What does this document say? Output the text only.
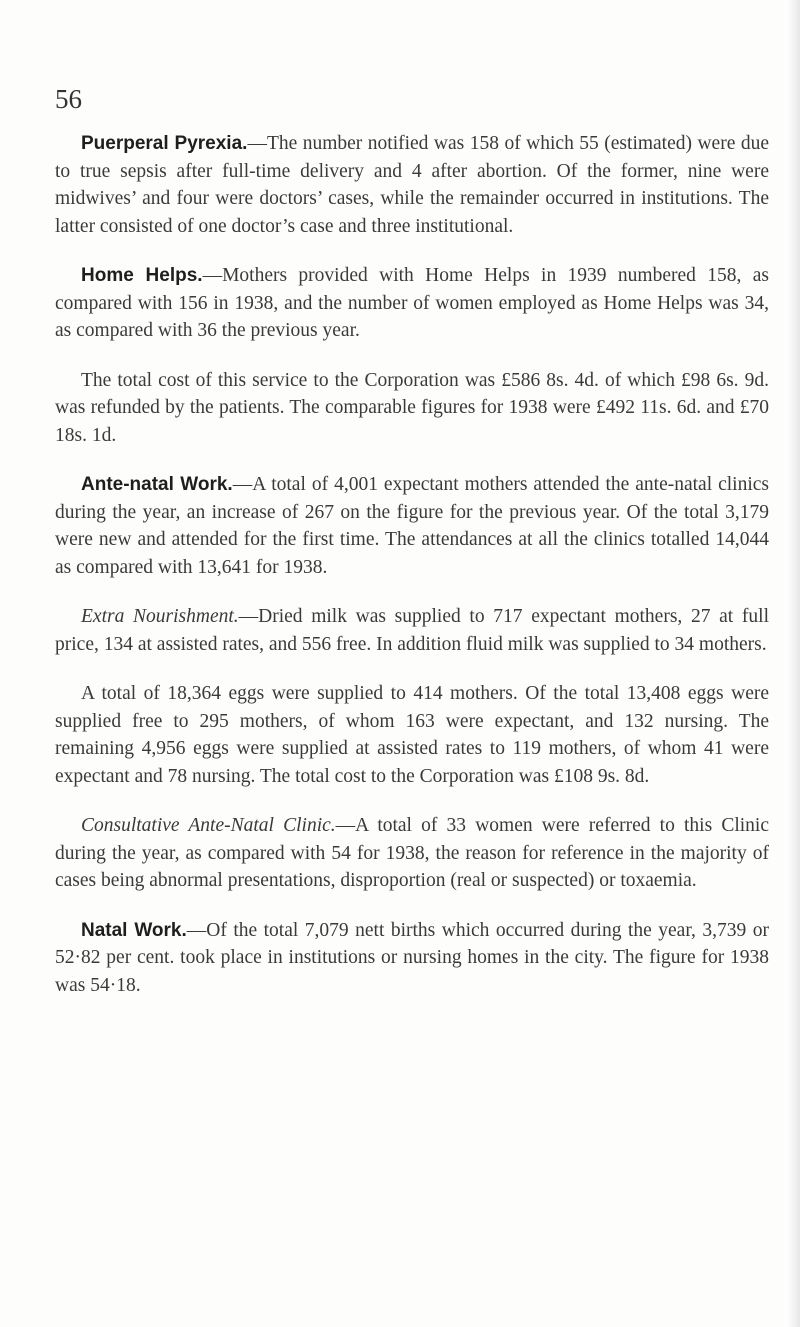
56

Puerperal Pyrexia.—The number notified was 158 of which 55 (estimated) were due to true sepsis after full-time delivery and 4 after abortion. Of the former, nine were midwives’ and four were doctors’ cases, while the remainder occurred in institutions. The latter consisted of one doctor’s case and three institutional.

Home Helps.—Mothers provided with Home Helps in 1939 numbered 158, as compared with 156 in 1938, and the number of women employed as Home Helps was 34, as compared with 36 the previous year.

The total cost of this service to the Corporation was £586 8s. 4d. of which £98 6s. 9d. was refunded by the patients. The comparable figures for 1938 were £492 11s. 6d. and £70 18s. 1d.

Ante-natal Work.—A total of 4,001 expectant mothers attended the ante-natal clinics during the year, an increase of 267 on the figure for the previous year. Of the total 3,179 were new and attended for the first time. The attendances at all the clinics totalled 14,044 as compared with 13,641 for 1938.

Extra Nourishment.—Dried milk was supplied to 717 expectant mothers, 27 at full price, 134 at assisted rates, and 556 free. In addition fluid milk was supplied to 34 mothers.

A total of 18,364 eggs were supplied to 414 mothers. Of the total 13,408 eggs were supplied free to 295 mothers, of whom 163 were expectant, and 132 nursing. The remaining 4,956 eggs were supplied at assisted rates to 119 mothers, of whom 41 were expectant and 78 nursing. The total cost to the Corporation was £108 9s. 8d.

Consultative Ante-Natal Clinic.—A total of 33 women were referred to this Clinic during the year, as compared with 54 for 1938, the reason for reference in the majority of cases being abnormal presentations, disproportion (real or suspected) or toxaemia.

Natal Work.—Of the total 7,079 nett births which occurred during the year, 3,739 or 52·82 per cent. took place in institutions or nursing homes in the city. The figure for 1938 was 54·18.
